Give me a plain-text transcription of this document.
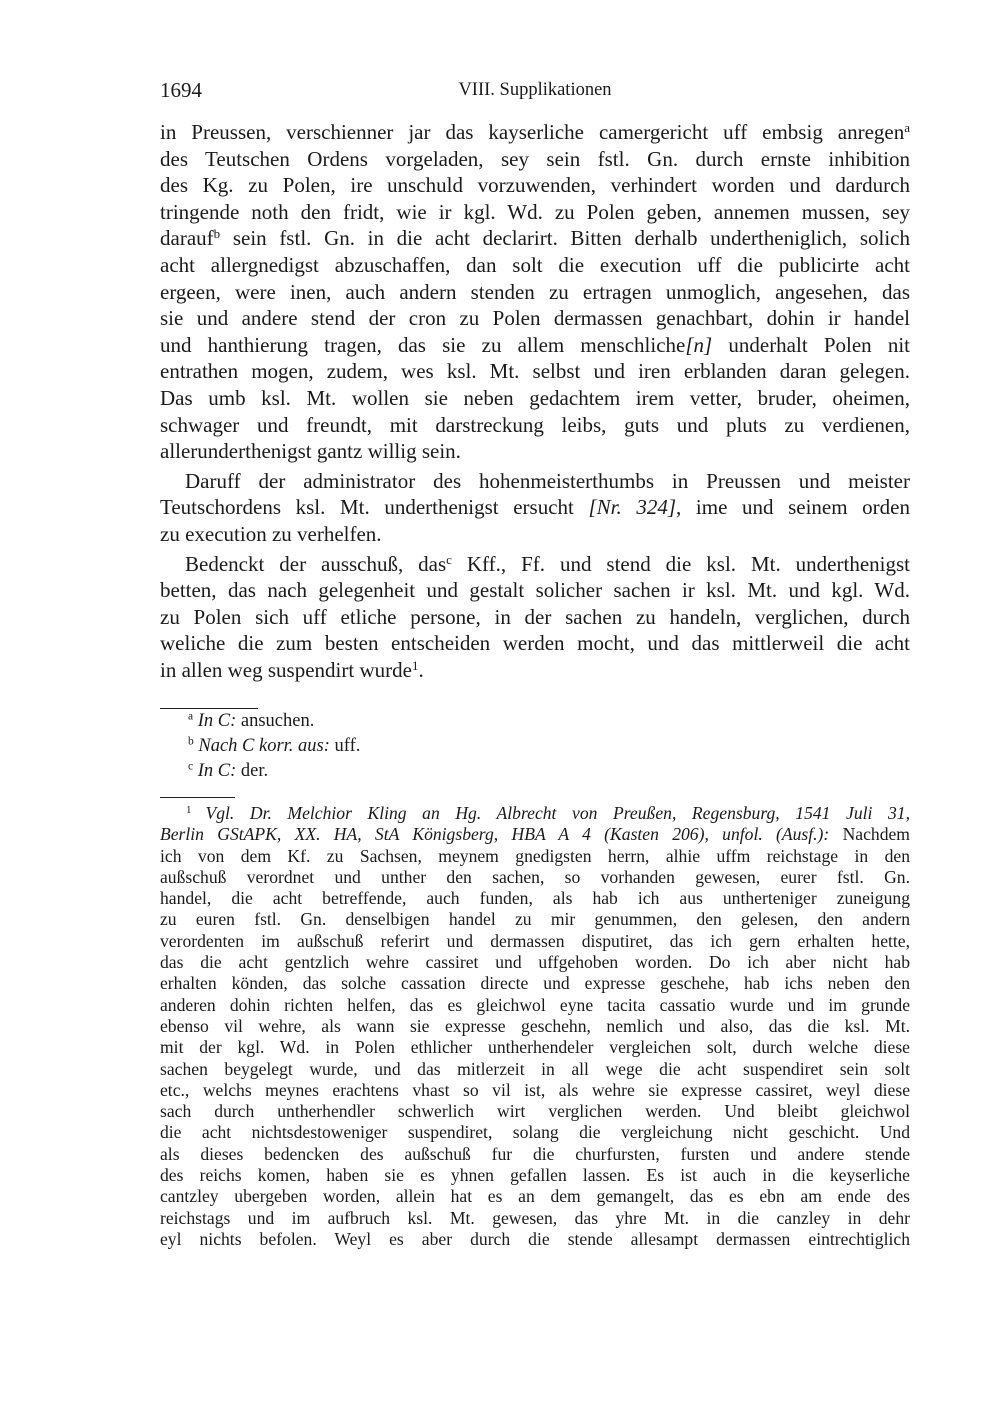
1694	VIII. Supplikationen
in Preussen, verschienner jar das kayserliche camergericht uff embsig anregen$^a$
des Teutschen Ordens vorgeladen, sey sein fstl. Gn. durch ernste inhibition
des Kg. zu Polen, ire unschuld vorzuwenden, verhindert worden und dardurch
tringende noth den fridt, wie ir kgl. Wd. zu Polen geben, annemen mussen, sey
darauf$^b$ sein fstl. Gn. in die acht declarirt. Bitten derhalb undertheniglich, solich
acht allergnedigst abzuschaffen, dan solt die execution uff die publicirte acht
ergeen, were inen, auch andern stenden zu ertragen unmoglich, angesehen, das
sie und andere stend der cron zu Polen dermassen genachbart, dohin ir handel
und hanthierung tragen, das sie zu allem menschliche[n] underhalt Polen nit
entrathen mogen, zudem, wes ksl. Mt. selbst und iren erblanden daran gelegen.
Das umb ksl. Mt. wollen sie neben gedachtem irem vetter, bruder, oheimen,
schwager und freundt, mit darstreckung leibs, guts und pluts zu verdienen,
allerunderthenigst gantz willig sein.
Daruff der administrator des hohenmeisterthumbs in Preussen und meister
Teutschordens ksl. Mt. underthenigst ersucht [Nr. 324], ime und seinem orden
zu execution zu verhelfen.
Bedenckt der ausschuß, das$^c$ Kff., Ff. und stend die ksl. Mt. underthenigst
betten, das nach gelegenheit und gestalt solicher sachen ir ksl. Mt. und kgl. Wd.
zu Polen sich uff etliche persone, in der sachen zu handeln, verglichen, durch
weliche die zum besten entscheiden werden mocht, und das mittlerweil die acht
in allen weg suspendirt wurde$^1$.
$^a$ In C: ansuchen.
$^b$ Nach C korr. aus: uff.
$^c$ In C: der.
$^1$ Vgl. Dr. Melchior Kling an Hg. Albrecht von Preußen, Regensburg, 1541 Juli 31,
Berlin GStAPK, XX. HA, StA Königsberg, HBA A 4 (Kasten 206), unfol. (Ausf.): Nachdem
ich von dem Kf. zu Sachsen, meynem gnedigsten herrn, alhie uffm reichstage in den
außschuß verordnet und unther den sachen, so vorhanden gewesen, eurer fstl. Gn.
handel, die acht betreffende, auch funden, als hab ich aus untherteniger zuneigung
zu euren fstl. Gn. denselbigen handel zu mir genummen, den gelesen, den andern
verordenten im außschuß referirt und dermassen disputiret, das ich gern erhalten hette,
das die acht gentzlich wehre cassiret und uffgehoben worden. Do ich aber nicht hab
erhalten könden, das solche cassation directe und expresse geschehe, hab ichs neben den
anderen dohin richten helfen, das es gleichwol eyne tacita cassatio wurde und im grunde
ebenso vil wehre, als wann sie expresse geschehn, nemlich und also, das die ksl. Mt.
mit der kgl. Wd. in Polen ethlicher untherhendeler vergleichen solt, durch welche diese
sachen beygelegt wurde, und das mitlerzeit in all wege die acht suspendiret sein solt
etc., welchs meynes erachtens vhast so vil ist, als wehre sie expresse cassiret, weyl diese
sach durch untherhendler schwerlich wirt verglichen werden. Und bleibt gleichwol
die acht nichtsdestoweniger suspendiret, solang die vergleichung nicht geschicht. Und
als dieses bedencken des außschuß fur die churfursten, fursten und andere stende
des reichs komen, haben sie es yhnen gefallen lassen. Es ist auch in die keyserliche
cantzley ubergeben worden, allein hat es an dem gemangelt, das es ebn am ende des
reichstags und im aufbruch ksl. Mt. gewesen, das yhre Mt. in die canzley in dehr
eyl nichts befolen. Weyl es aber durch die stende allesampt dermassen eintrechtiglich
